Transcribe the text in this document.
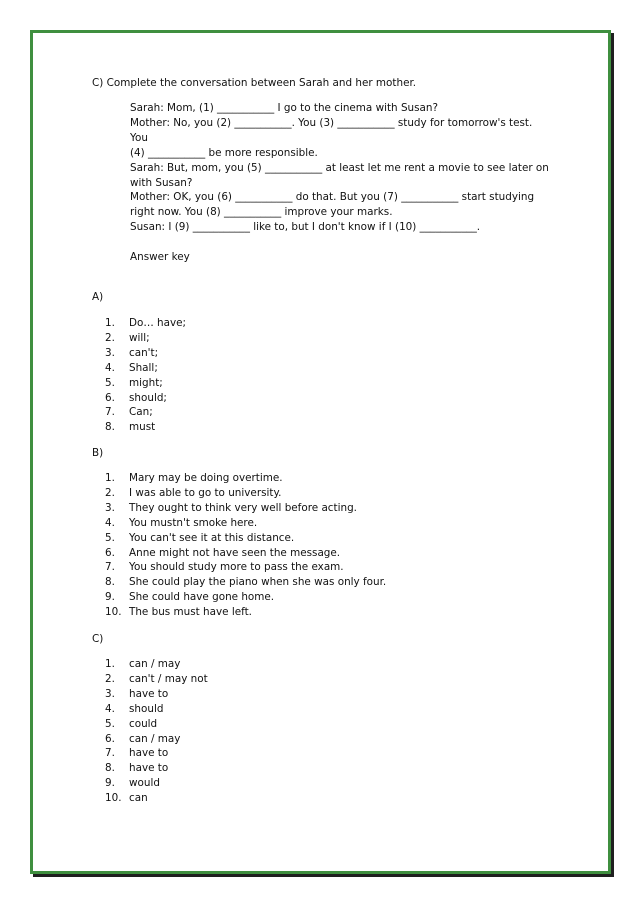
C) Complete the conversation between Sarah and her mother.
Sarah: Mom, (1) ___________ I go to the cinema with Susan?
Mother: No, you (2) ___________. You (3) ___________ study for tomorrow's test. You
(4) ___________ be more responsible.
Sarah: But, mom, you (5) ___________ at least let me rent a movie to see later on
with Susan?
Mother: OK, you (6) ___________ do that. But you (7) ___________ start studying
right now. You (8) ___________ improve your marks.
Susan: I (9) ___________ like to, but I don't know if I (10) ___________.
Answer key
A)
1.	Do… have;
2.	will;
3.	can't;
4.	Shall;
5.	might;
6.	should;
7.	Can;
8.	must
B)
1.	Mary may be doing overtime.
2.	I was able to go to university.
3.	They ought to think very well before acting.
4.	You mustn't smoke here.
5.	You can't see it at this distance.
6.	Anne might not have seen the message.
7.	You should study more to pass the exam.
8.	She could play the piano when she was only four.
9.	She could have gone home.
10. The bus must have left.
C)
1.	can / may
2.	can't / may not
3.	have to
4.	should
5.	could
6.	can / may
7.	have to
8.	have to
9.	would
10. can
